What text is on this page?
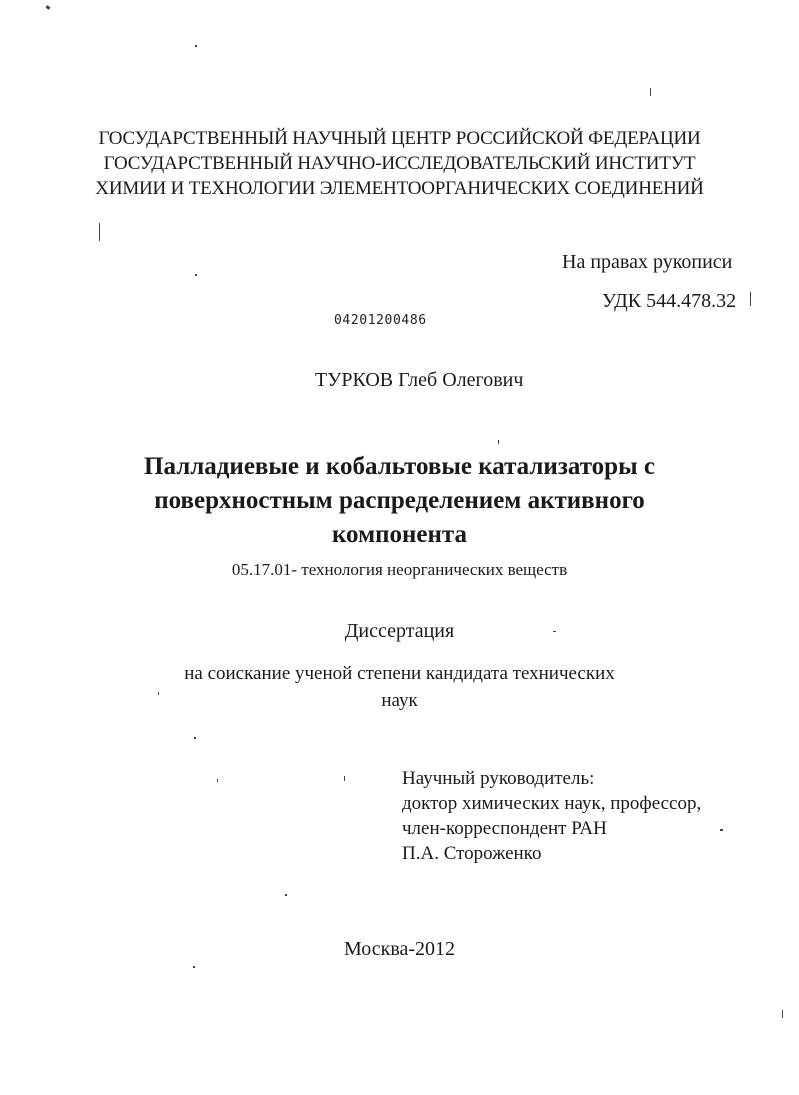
ГОСУДАРСТВЕННЫЙ НАУЧНЫЙ ЦЕНТР РОССИЙСКОЙ ФЕДЕРАЦИИ
ГОСУДАРСТВЕННЫЙ НАУЧНО-ИССЛЕДОВАТЕЛЬСКИЙ ИНСТИТУТ
ХИМИИ И ТЕХНОЛОГИИ ЭЛЕМЕНТООРГАНИЧЕСКИХ СОЕДИНЕНИЙ
На правах рукописи
УДК 544.478.32
04201200486
ТУРКОВ Глеб Олегович
Палладиевые и кобальтовые катализаторы с
поверхностным распределением активного
компонента
05.17.01- технология неорганических веществ
Диссертация
на соискание ученой степени кандидата технических
наук
Научный руководитель:
доктор химических наук, профессор,
член-корреспондент РАН
П.А. Стороженко
Москва-2012
